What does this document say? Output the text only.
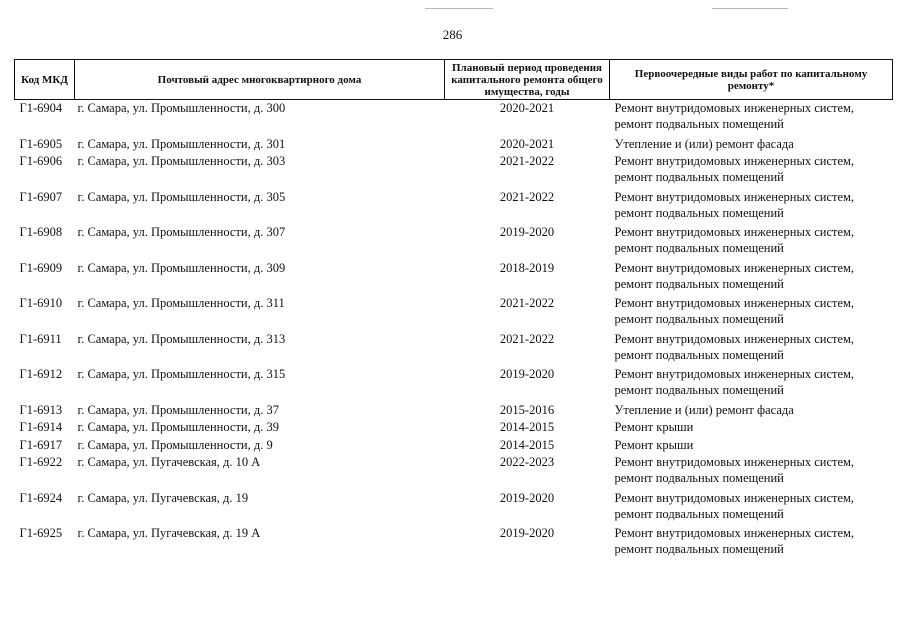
286
Код МКД	Почтовый адрес многоквартирного дома	Плановый период проведения капитального ремонта общего имущества, годы	Первоочередные виды работ по капитальному ремонту*
Г1-6904	г. Самара, ул. Промышленности, д. 300	2020-2021	Ремонт внутридомовых инженерных систем, ремонт подвальных помещений
Г1-6905	г. Самара, ул. Промышленности, д. 301	2020-2021	Утепление и (или) ремонт фасада
Г1-6906	г. Самара, ул. Промышленности, д. 303	2021-2022	Ремонт внутридомовых инженерных систем, ремонт подвальных помещений
Г1-6907	г. Самара, ул. Промышленности, д. 305	2021-2022	Ремонт внутридомовых инженерных систем, ремонт подвальных помещений
Г1-6908	г. Самара, ул. Промышленности, д. 307	2019-2020	Ремонт внутридомовых инженерных систем, ремонт подвальных помещений
Г1-6909	г. Самара, ул. Промышленности, д. 309	2018-2019	Ремонт внутридомовых инженерных систем, ремонт подвальных помещений
Г1-6910	г. Самара, ул. Промышленности, д. 311	2021-2022	Ремонт внутридомовых инженерных систем, ремонт подвальных помещений
Г1-6911	г. Самара, ул. Промышленности, д. 313	2021-2022	Ремонт внутридомовых инженерных систем, ремонт подвальных помещений
Г1-6912	г. Самара, ул. Промышленности, д. 315	2019-2020	Ремонт внутридомовых инженерных систем, ремонт подвальных помещений
Г1-6913	г. Самара, ул. Промышленности, д. 37	2015-2016	Утепление и (или) ремонт фасада
Г1-6914	г. Самара, ул. Промышленности, д. 39	2014-2015	Ремонт крыши
Г1-6917	г. Самара, ул. Промышленности, д. 9	2014-2015	Ремонт крыши
Г1-6922	г. Самара, ул. Пугачевская, д. 10 А	2022-2023	Ремонт внутридомовых инженерных систем, ремонт подвальных помещений
Г1-6924	г. Самара, ул. Пугачевская, д. 19	2019-2020	Ремонт внутридомовых инженерных систем, ремонт подвальных помещений
Г1-6925	г. Самара, ул. Пугачевская, д. 19 А	2019-2020	Ремонт внутридомовых инженерных систем, ремонт подвальных помещений
